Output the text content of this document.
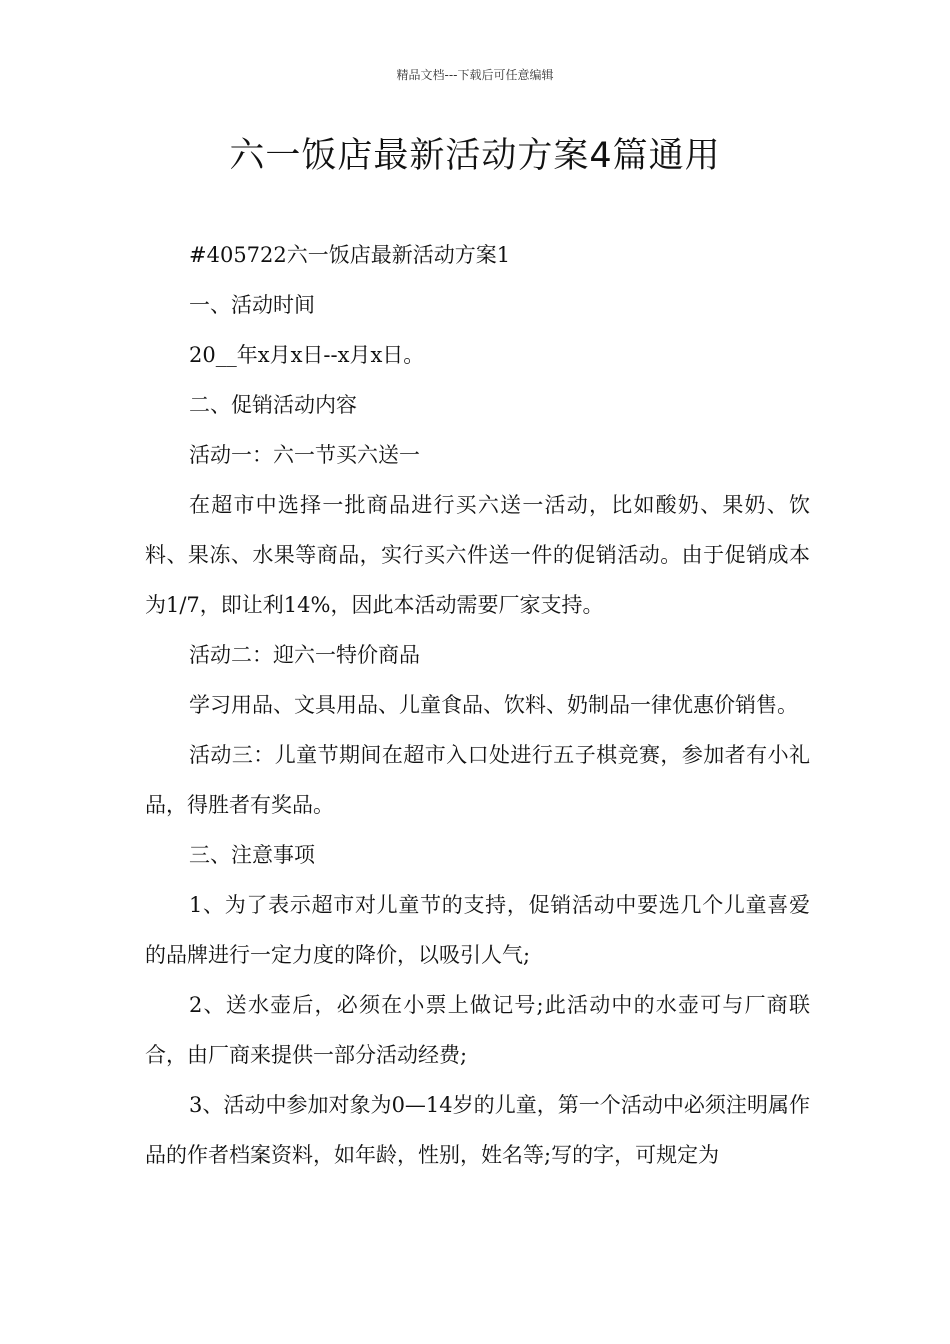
精品文档---下载后可任意编辑
六一饭店最新活动方案4篇通用

#405722六一饭店最新活动方案1

一、活动时间

20__年x月x日--x月x日。

二、促销活动内容

活动一：六一节买六送一

在超市中选择一批商品进行买六送一活动，比如酸奶、果奶、饮料、果冻、水果等商品，实行买六件送一件的促销活动。由于促销成本为1/7，即让利14%，因此本活动需要厂家支持。

活动二：迎六一特价商品

学习用品、文具用品、儿童食品、饮料、奶制品一律优惠价销售。

活动三：儿童节期间在超市入口处进行五子棋竞赛，参加者有小礼品，得胜者有奖品。

三、注意事项

1、为了表示超市对儿童节的支持，促销活动中要选几个儿童喜爱的品牌进行一定力度的降价，以吸引人气;

2、送水壶后，必须在小票上做记号;此活动中的水壶可与厂商联合，由厂商来提供一部分活动经费;

3、活动中参加对象为0—14岁的儿童，第一个活动中必须注明属作品的作者档案资料，如年龄，性别，姓名等;写的字，可规定为
